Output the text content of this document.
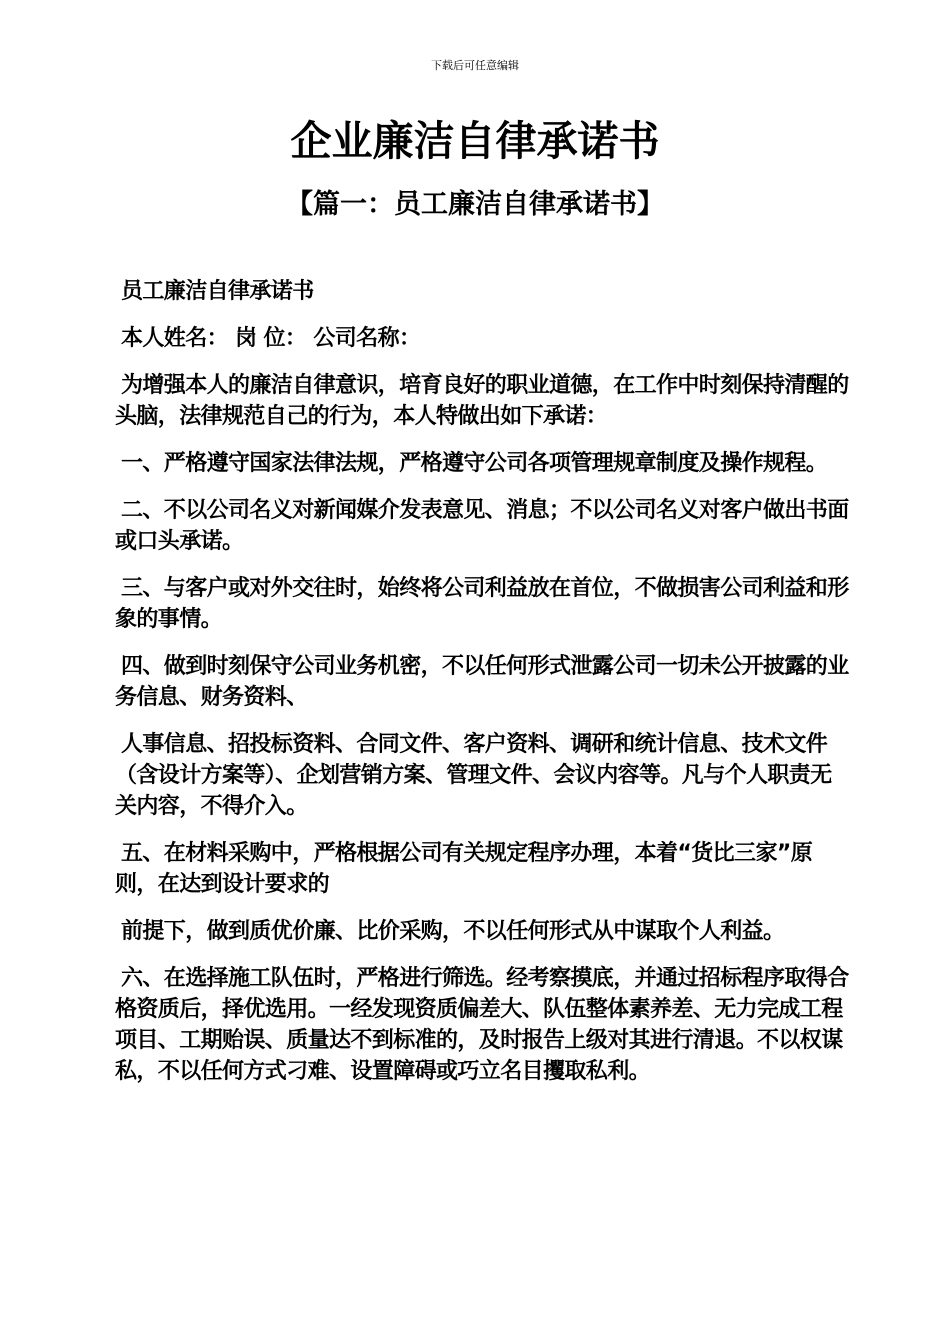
下载后可任意编辑
企业廉洁自律承诺书
【篇一：员工廉洁自律承诺书】

员工廉洁自律承诺书

本人姓名： 岗 位： 公司名称：

为增强本人的廉洁自律意识，培育良好的职业道德，在工作中时刻保持清醒的头脑，法律规范自己的行为，本人特做出如下承诺：

一、严格遵守国家法律法规，严格遵守公司各项管理规章制度及操作规程。

二、不以公司名义对新闻媒介发表意见、消息；不以公司名义对客户做出书面或口头承诺。

三、与客户或对外交往时，始终将公司利益放在首位，不做损害公司利益和形象的事情。

四、做到时刻保守公司业务机密，不以任何形式泄露公司一切未公开披露的业务信息、财务资料、

人事信息、招投标资料、合同文件、客户资料、调研和统计信息、技术文件（含设计方案等）、企划营销方案、管理文件、会议内容等。凡与个人职责无关内容，不得介入。

五、在材料采购中，严格根据公司有关规定程序办理，本着“货比三家”原则，在达到设计要求的

前提下，做到质优价廉、比价采购，不以任何形式从中谋取个人利益。

六、在选择施工队伍时，严格进行筛选。经考察摸底，并通过招标程序取得合格资质后，择优选用。一经发现资质偏差大、队伍整体素养差、无力完成工程项目、工期贻误、质量达不到标准的，及时报告上级对其进行清退。不以权谋私，不以任何方式刁难、设置障碍或巧立名目攫取私利。
